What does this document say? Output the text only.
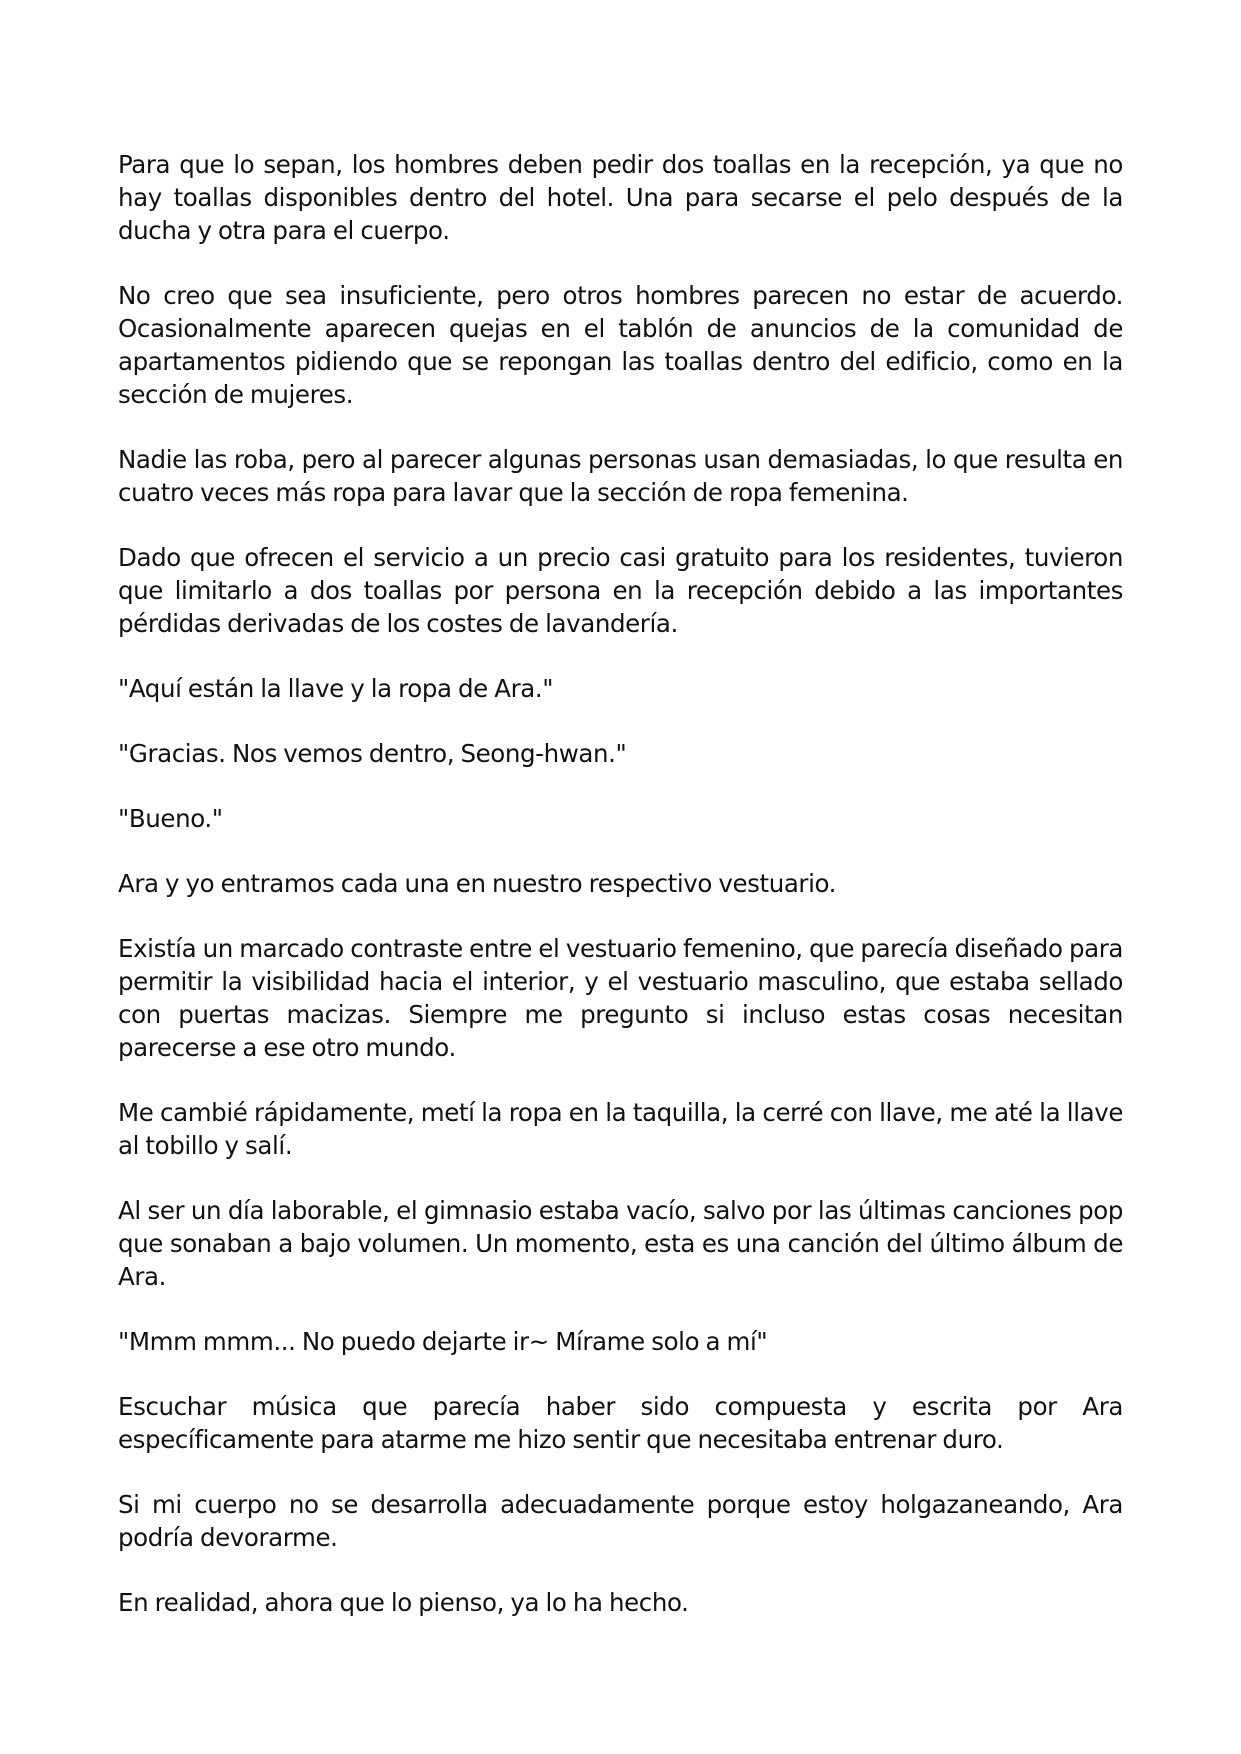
Para que lo sepan, los hombres deben pedir dos toallas en la recepción, ya que no hay toallas disponibles dentro del hotel. Una para secarse el pelo después de la ducha y otra para el cuerpo.

No creo que sea insuficiente, pero otros hombres parecen no estar de acuerdo. Ocasionalmente aparecen quejas en el tablón de anuncios de la comunidad de apartamentos pidiendo que se repongan las toallas dentro del edificio, como en la sección de mujeres.

Nadie las roba, pero al parecer algunas personas usan demasiadas, lo que resulta en cuatro veces más ropa para lavar que la sección de ropa femenina.

Dado que ofrecen el servicio a un precio casi gratuito para los residentes, tuvieron que limitarlo a dos toallas por persona en la recepción debido a las importantes pérdidas derivadas de los costes de lavandería.

"Aquí están la llave y la ropa de Ara."

"Gracias. Nos vemos dentro, Seong-hwan."

"Bueno."

Ara y yo entramos cada una en nuestro respectivo vestuario.

Existía un marcado contraste entre el vestuario femenino, que parecía diseñado para permitir la visibilidad hacia el interior, y el vestuario masculino, que estaba sellado con puertas macizas. Siempre me pregunto si incluso estas cosas necesitan parecerse a ese otro mundo.

Me cambié rápidamente, metí la ropa en la taquilla, la cerré con llave, me até la llave al tobillo y salí.

Al ser un día laborable, el gimnasio estaba vacío, salvo por las últimas canciones pop que sonaban a bajo volumen. Un momento, esta es una canción del último álbum de Ara.

"Mmm mmm... No puedo dejarte ir~ Mírame solo a mí"

Escuchar música que parecía haber sido compuesta y escrita por Ara específicamente para atarme me hizo sentir que necesitaba entrenar duro.

Si mi cuerpo no se desarrolla adecuadamente porque estoy holgazaneando, Ara podría devorarme.

En realidad, ahora que lo pienso, ya lo ha hecho.
